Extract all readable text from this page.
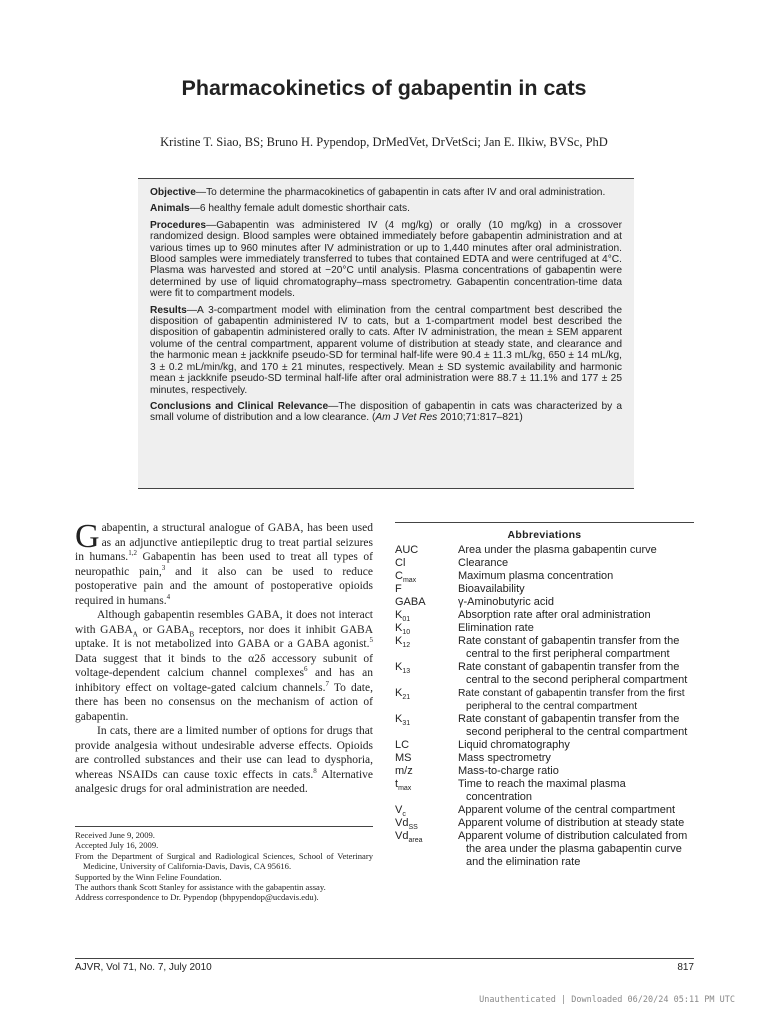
Pharmacokinetics of gabapentin in cats
Kristine T. Siao, BS; Bruno H. Pypendop, DrMedVet, DrVetSci; Jan E. Ilkiw, BVSc, PhD

Objective—To determine the pharmacokinetics of gabapentin in cats after IV and oral administration.

Animals—6 healthy female adult domestic shorthair cats.

Procedures—Gabapentin was administered IV (4 mg/kg) or orally (10 mg/kg) in a crossover randomized design. Blood samples were obtained immediately before gabapentin administration and at various times up to 960 minutes after IV administration or up to 1,440 minutes after oral administration. Blood samples were immediately transferred to tubes that contained EDTA and were centrifuged at 4°C. Plasma was harvested and stored at −20°C until analysis. Plasma concentrations of gabapentin were determined by use of liquid chromatography–mass spectrometry. Gabapentin concentration-time data were fit to compartment models.

Results—A 3-compartment model with elimination from the central compartment best described the disposition of gabapentin administered IV to cats, but a 1-compartment model best described the disposition of gabapentin administered orally to cats. After IV administration, the mean ± SEM apparent volume of the central compartment, apparent volume of distribution at steady state, and clearance and the harmonic mean ± jackknife pseudo-SD for terminal half-life were 90.4 ± 11.3 mL/kg, 650 ± 14 mL/kg, 3 ± 0.2 mL/min/kg, and 170 ± 21 minutes, respectively. Mean ± SD systemic availability and harmonic mean ± jackknife pseudo-SD terminal half-life after oral administration were 88.7 ± 11.1% and 177 ± 25 minutes, respectively.

Conclusions and Clinical Relevance—The disposition of gabapentin in cats was characterized by a small volume of distribution and a low clearance. (Am J Vet Res 2010;71:817–821)

Gabapentin, a structural analogue of GABA, has been used as an adjunctive antiepileptic drug to treat partial seizures in humans.$^{1,2}$ Gabapentin has been used to treat all types of neuropathic pain,$^3$ and it also can be used to reduce postoperative pain and the amount of postoperative opioids required in humans.$^4$

Although gabapentin resembles GABA, it does not interact with $GABA_A$ or $GABA_B$ receptors, nor does it inhibit GABA uptake. It is not metabolized into GABA or a GABA agonist.$^5$ Data suggest that it binds to the α2δ accessory subunit of voltage-dependent calcium channel complexes$^6$ and has an inhibitory effect on voltage-gated calcium channels.$^7$ To date, there has been no consensus on the mechanism of action of gabapentin.

In cats, there are a limited number of options for drugs that provide analgesia without undesirable adverse effects. Opioids are controlled substances and their use can lead to dysphoria, whereas NSAIDs can cause toxic effects in cats.$^8$ Alternative analgesic drugs for oral administration are needed.

Received June 9, 2009.

Accepted July 16, 2009.

From the Department of Surgical and Radiological Sciences, School of Veterinary Medicine, University of California-Davis, Davis, CA 95616.

Supported by the Winn Feline Foundation.

The authors thank Scott Stanley for assistance with the gabapentin assay.

Address correspondence to Dr. Pypendop (bhpypendop@ucdavis.edu).

Abbreviations
AUC	Area under the plasma gabapentin curve
Cl	Clearance
$C_{max}$	Maximum plasma concentration
F	Bioavailability
GABA	γ-Aminobutyric acid
$K_{01}$	Absorption rate after oral administration
$K_{10}$	Elimination rate
$K_{12}$	Rate constant of gabapentin transfer from the central to the first peripheral compartment
$K_{13}$	Rate constant of gabapentin transfer from the central to the second peripheral compartment
$K_{21}$	Rate constant of gabapentin transfer from the first peripheral to the central compartment
$K_{31}$	Rate constant of gabapentin transfer from the second peripheral to the central compartment
LC	Liquid chromatography
MS	Mass spectrometry
m/z	Mass-to-charge ratio
$t_{max}$	Time to reach the maximal plasma concentration
$V_c$	Apparent volume of the central compartment
$Vd_{SS}$	Apparent volume of distribution at steady state
$Vd_{area}$	Apparent volume of distribution calculated from the area under the plasma gabapentin curve and the elimination rate
AJVR, Vol 71, No. 7, July 2010	817
Unauthenticated | Downloaded 06/20/24 05:11 PM UTC
